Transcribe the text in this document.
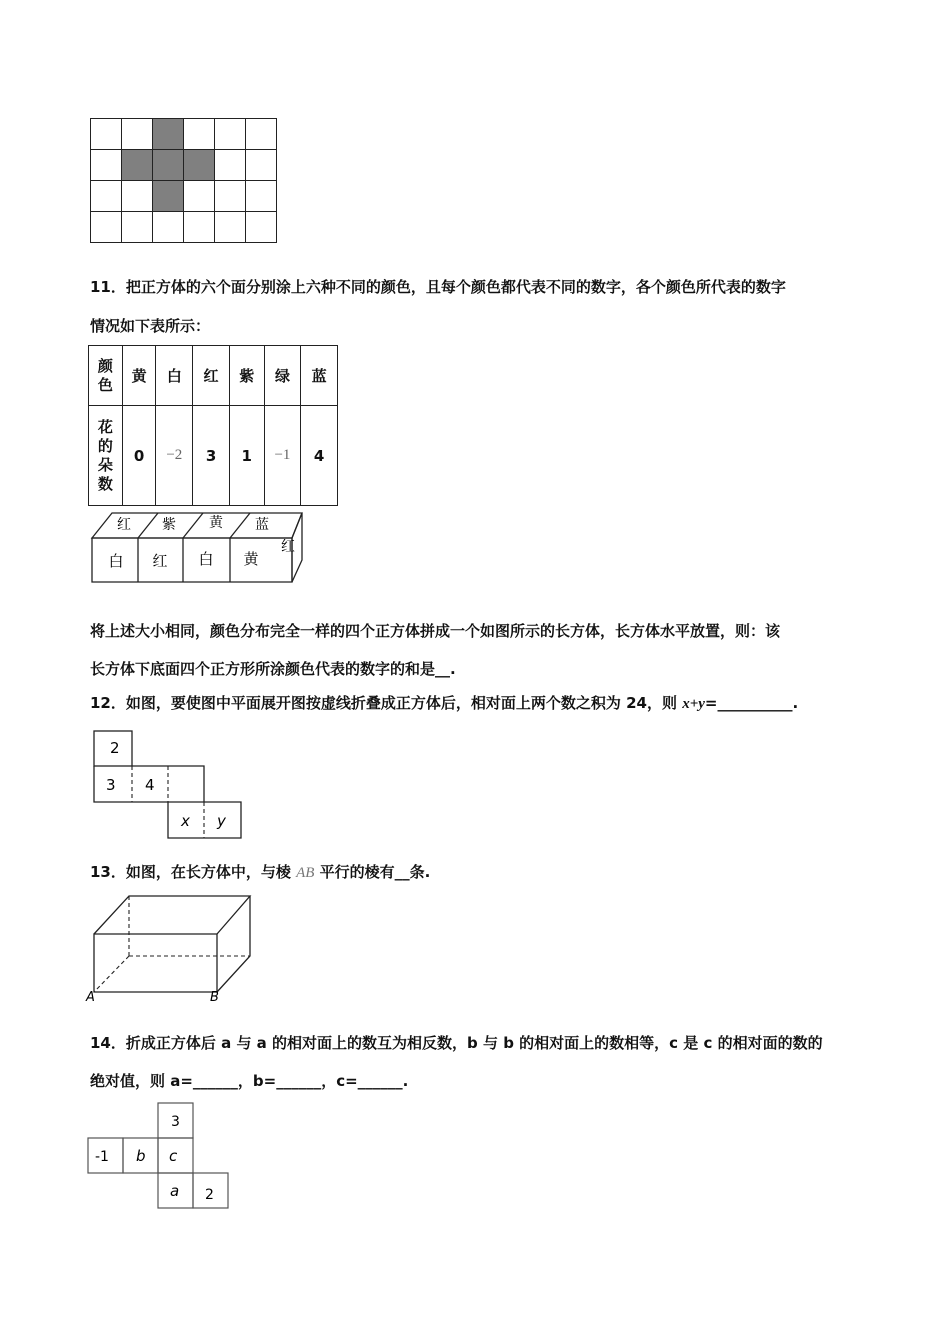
11．把正方体的六个面分别涂上六种不同的颜色，且每个颜色都代表不同的数字，各个颜色所代表的数字
情况如下表所示：
颜色	黄	白	红	紫	绿	蓝
花的朵数	0	−2	3	1	−1	4
红 紫 黄 蓝
白 红 白 黄
红
将上述大小相同，颜色分布完全一样的四个正方体拼成一个如图所示的长方体，长方体水平放置，则：该
长方体下底面四个正方形所涂颜色代表的数字的和是__.
12．如图，要使图中平面展开图按虚线折叠成正方体后，相对面上两个数之积为 24，则 x+y=__________.
2
3 4
x y
13．如图，在长方体中，与棱 AB 平行的棱有__条.
A	B
14．折成正方体后 a 与 a 的相对面上的数互为相反数，b 与 b 的相对面上的数相等，c 是 c 的相对面的数的
绝对值，则 a=______，b=______，c=______.
3
-1 b c
a 2
